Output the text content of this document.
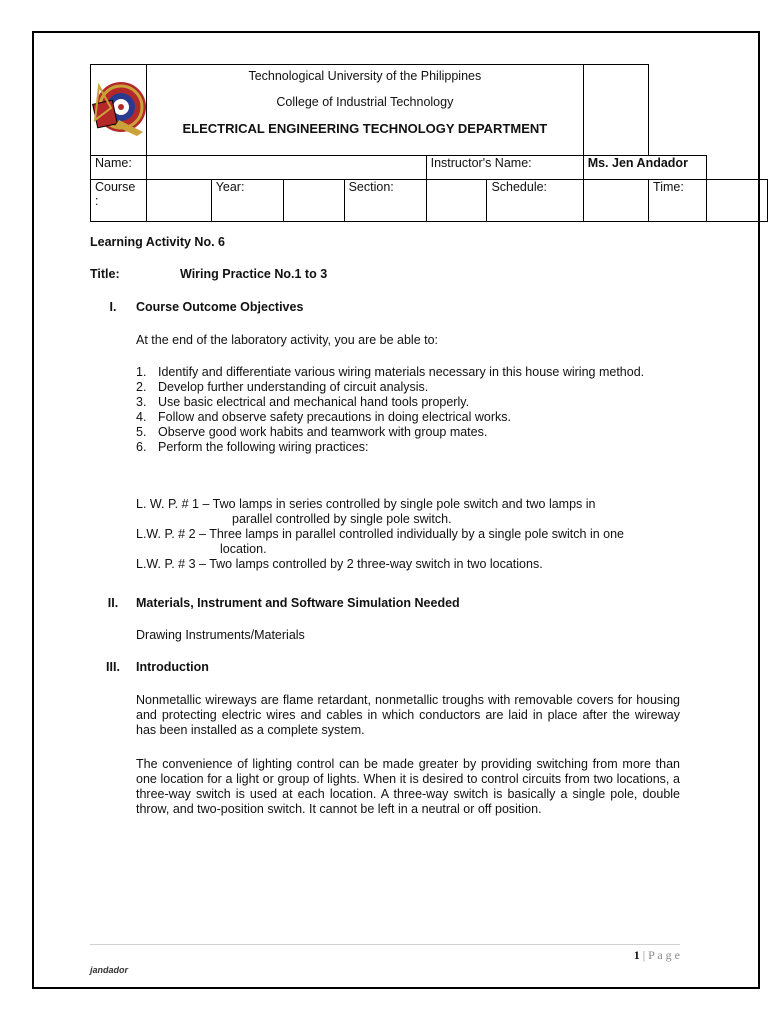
Technological University of the Philippines
College of Industrial Technology
ELECTRICAL ENGINEERING TECHNOLOGY DEPARTMENT								

Name:					Instructor's Name:		Ms. Jen Andador		
Course
:		Year:		Section:		Schedule:		Time:	
Learning Activity No. 6
Title:	Wiring Practice No.1 to 3
I. Course Outcome Objectives
At the end of the laboratory activity, you are be able to:
1. Identify and differentiate various wiring materials necessary in this house wiring method.
2. Develop further understanding of circuit analysis.
3. Use basic electrical and mechanical hand tools properly.
4. Follow and observe safety precautions in doing electrical works.
5. Observe good work habits and teamwork with group mates.
6. Perform the following wiring practices:
L. W. P. # 1 – Two lamps in series controlled by single pole switch and two lamps in
parallel controlled by single pole switch.
L.W. P. # 2 – Three lamps in parallel controlled individually by a single pole switch in one
location.
L.W. P. # 3 – Two lamps controlled by 2 three-way switch in two locations.
II. Materials, Instrument and Software Simulation Needed
Drawing Instruments/Materials
III. Introduction
Nonmetallic wireways are flame retardant, nonmetallic troughs with removable covers for housing and protecting electric wires and cables in which conductors are laid in place after the wireway has been installed as a complete system.
The convenience of lighting control can be made greater by providing switching from more than one location for a light or group of lights. When it is desired to control circuits from two locations, a three-way switch is used at each location. A three-way switch is basically a single pole, double throw, and two-position switch. It cannot be left in a neutral or off position.
1 | P a g e
jandador
